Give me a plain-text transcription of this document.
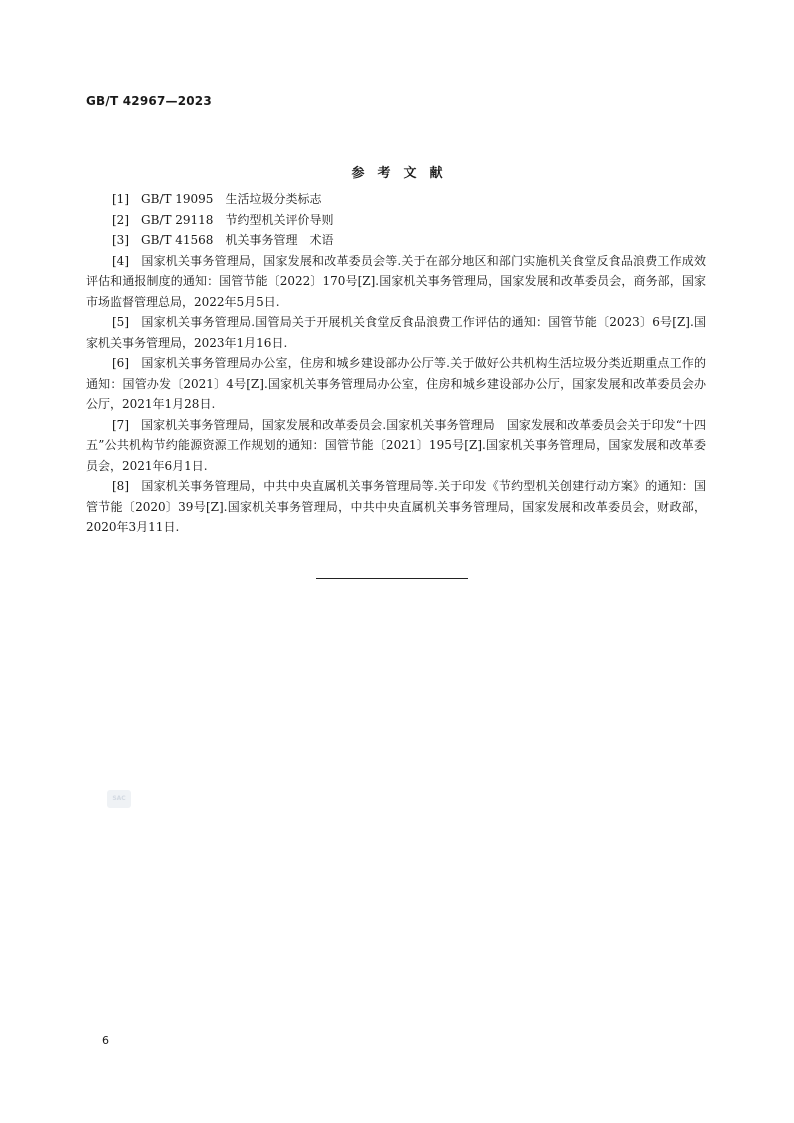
GB/T 42967—2023
参考文献

[1]　GB/T 19095　生活垃圾分类标志

[2]　GB/T 29118　节约型机关评价导则

[3]　GB/T 41568　机关事务管理　术语

[4]　国家机关事务管理局，国家发展和改革委员会等.关于在部分地区和部门实施机关食堂反食品浪费工作成效评估和通报制度的通知：国管节能〔2022〕170号[Z].国家机关事务管理局，国家发展和改革委员会，商务部，国家市场监督管理总局，2022年5月5日.

[5]　国家机关事务管理局.国管局关于开展机关食堂反食品浪费工作评估的通知：国管节能〔2023〕6号[Z].国家机关事务管理局，2023年1月16日.

[6]　国家机关事务管理局办公室，住房和城乡建设部办公厅等.关于做好公共机构生活垃圾分类近期重点工作的通知：国管办发〔2021〕4号[Z].国家机关事务管理局办公室，住房和城乡建设部办公厅，国家发展和改革委员会办公厅，2021年1月28日.

[7]　国家机关事务管理局，国家发展和改革委员会.国家机关事务管理局　国家发展和改革委员会关于印发“十四五”公共机构节约能源资源工作规划的通知：国管节能〔2021〕195号[Z].国家机关事务管理局，国家发展和改革委员会，2021年6月1日.

[8]　国家机关事务管理局，中共中央直属机关事务管理局等.关于印发《节约型机关创建行动方案》的通知：国管节能〔2020〕39号[Z].国家机关事务管理局，中共中央直属机关事务管理局，国家发展和改革委员会，财政部，2020年3月11日.

SAC
6
